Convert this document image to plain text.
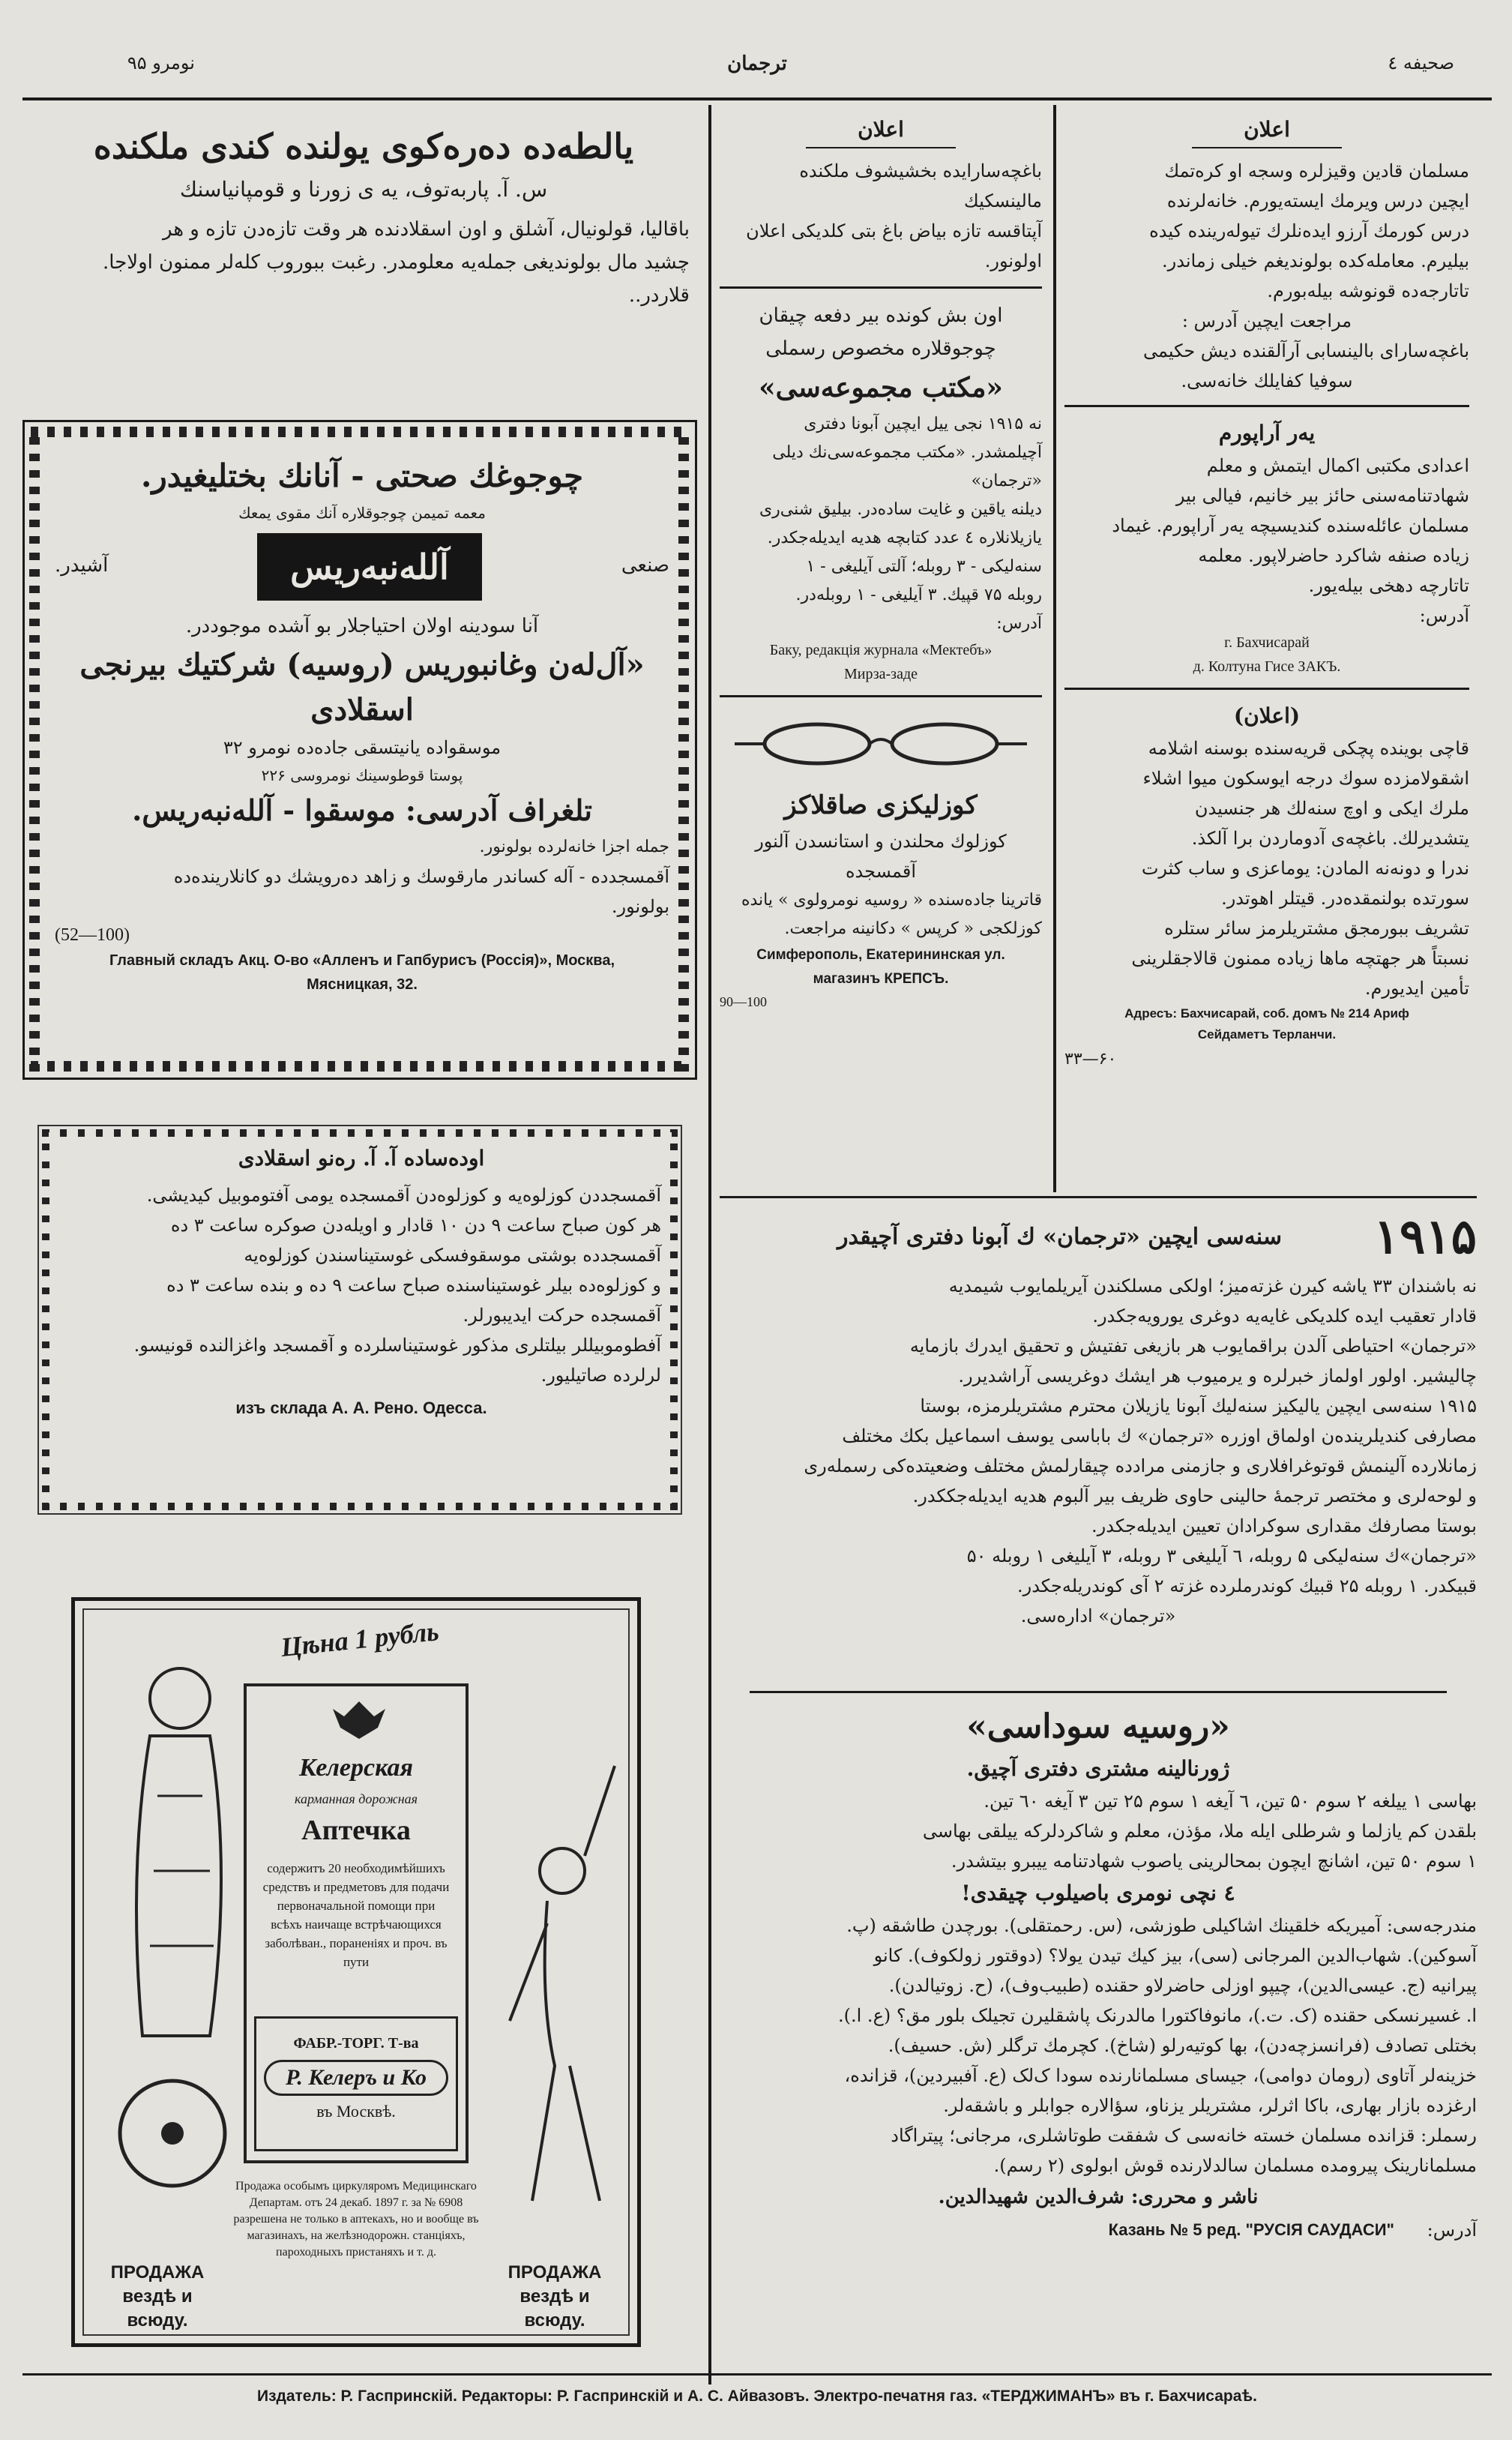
نومرو ۹۵	ترجمان	صحیفه ٤

یالطه‌ده دەره‌کوی یولنده کندی ملکنده

س. آ. پاربه‌توف، یه ی زورنا و قومپانیاسنك

باقالیا، قولونیال، آشلق و اون اسقلادنده هر وقت تازه‌دن تازه و هر

چشید مال بولوندیغی جمله‌یه معلومدر. رغبت ببوروب کله‌لر ممنون اولاجا.

قلاردر..

چوجوغك صحتی - آنانك بختلیغیدر.

معمه تمیمن چوجوقلاره آنك مقوی یمعك

صنعی
آلله‌نبه‌ریس
آشیدر.

آنا سودینه اولان احتیاجلار بو آشده موجوددر.

«آل‌له‌ن وغانبوریس (روسیه) شرکتیك بیرنجی

اسقلادی

موسقواده یانیتسقی جاده‌ده نومرو ۳۲

پوستا قوطوسینك نومروسی ۲۲۶

تلغراف آدرسی: موسقوا - آلله‌نبه‌ریس.

جمله اجزا خانه‌لرده بولونور.

آقمسجدده - آله کساندر مارقوسك و زاهد ده‌رویشك دو کانلارینده‌ده

بولونور.

(52—100)

Главный складъ Акц. О-во «Алленъ и Гапбурисъ (Россiя)», Москва,

Мясницкая, 32.

اوده‌ساده آ. آ. ره‌نو اسقلادی

آقمسجددن کوزلوه‌یه و کوزلوه‌دن آقمسجده یومی آفتوموبیل کیدیشی.

هر کون صباح ساعت ۹ دن ۱۰ قادار و اویله‌دن صوکره ساعت ۳ ده

آقمسجدده بوشتی موسقوفسکی غوستیناسندن کوزلوه‌یه

و کوزلوه‌ده بیلر غوستیناسنده صباح ساعت ۹ ده و بنده ساعت ۳ ده

آقمسجده حرکت ایدیبورلر.

آفطوموبیللر بیلتلری مذکور غوستیناسلرده و آقمسجد واغزالنده قونیسو.

لرلرده صاتیلیور.

изъ склада А. А. Рено. Одесса.

Цѣна 1 рубль

Келерская

карманная дорожная

Аптечка

содержитъ 20 необходимѣйшихъ средствъ и предметовъ для подачи первоначальной помощи при всѣхъ наичаще встрѣчающихся заболѣван., пораненіях и проч. въ пути

ФАБР.-ТОРГ. Т-ва

Р. Келеръ и Ко

въ Москвѣ.

Продажа особымъ циркуляромъ Медицинскаго Департам. отъ 24 декаб. 1897 г. за № 6908 разрешена не только в аптекахъ, но и вообще въ магазинахъ, на желѣзнодорожн. станціяхъ, пароходныхъ пристаняхъ и т. д.

ПРОДАЖА вездѣ и всюду.

ПРОДАЖА вездѣ и всюду.

اعلان

باغچه‌سارایده بخشیشوف ملکنده مالینسکیك

آپتاقسه تازه بیاض باغ بتی کلدیکی اعلان

اولونور.

اون بش کونده بیر دفعه چیقان

چوجوقلاره مخصوص رسملی

«مکتب مجموعه‌سی»

نه ۱۹۱۵ نجی ییل ایچین آبونا دفتری

آچیلمشدر. «مکتب مجموعه‌سی‌نك دیلی «ترجمان»

دیلنه یاقین و غایت سادەدر. بیلیق شنی‌ری

یازیلانلاره ٤ عدد کتابچه هدیه ایدیله‌جکدر.

سنه‌لیکی - ۳ روبله؛ آلتی آیلیغی - ۱

روبله ۷۵ قپیك. ۳ آیلیغی - ۱ روبله‌در.

آدرس:

Баку, редакція журнала «Мектебъ»

Мирза-заде

کوزلیکزی صاقلاکز

کوزلوك محلندن و استانسدن آلنور

آقمسجده

قاترینا جاده‌سنده « روسیه نومرولوی » یانده

کوزلکجی « کرپس » دکانینه مراجعت.

Симферополь, Екатерининская ул.

магазинъ КРЕПСЪ.

90—100

اعلان

مسلمان قادین وقیزلره وسجه او کرەتمك

ایچین درس ویرمك ایسته‌یورم. خانه‌لرنده

درس کورمك آرزو ایده‌نلرك تیوله‌رینده کیده

بیلیرم. معامله‌کده بولوندیغم خیلی زماندر.

تاتارجه‌ده قونوشه بیلەبورم.

مراجعت ایچین آدرس :

باغچه‌سارای بالینسابی آرآلقنده دیش حکیمی

سوفیا کفایلك خانەسی.

یەر آراپورم

اعدادی مکتبی اکمال ایتمش و معلم

شهادتنامه‌سنی حائز بیر خانیم، فیالی بیر

مسلمان عائله‌سنده کندیسیچه یەر آراپورم. غیماد

زیاده صنفه شاکرد حاضرلاپور. معلمه

تاتارچه دهخی بیله‌یور.

آدرس:

г. Бахчисарай

д. Колтуна Гисе ЗАКЪ.

(اعلان)

قاچی بوینده پچکی قریه‌سنده بوسنه اشلامه

اشقولامزده سوك درجه ایوسکون میوا اشلاء

ملرك ایکی و اوچ سنه‌لك هر جنسیدن

یتشدیرلك. باغچه‌ی آدوماردن برا آلکذ.

ندرا و دونه‌نه المادن: یوماعزی و ساب کثرت

سورتده بولنمقده‌در. قیتلر اهوتدر.

تشریف ببورمجق مشتریلرمز سائر ستلره

نسبتاً هر جهتچه ماها زیاده ممنون قالاجقلرینی

تأمین ایدیورم.

Адресъ: Бахчисарай, соб. домъ № 214 Ариф

Сейдаметъ Терланчи.

۶۰—۳۳

۱۹۱۵
سنه‌سی ایچین «ترجمان» ك آبونا دفتری آچیقدر

نه باشندان ۳۳ یاشه کیرن غزته‌میز؛ اولکی مسلکندن آیریلمایوب شیمدیه

قادار تعقیب ایده کلدیکی غایه‌یه دوغری یورویه‌جکدر.

«ترجمان» احتیاطی آلدن براقمایوب هر بازیغی تفتیش و تحقیق ایدرك بازمایه

چالیشیر. اولور اولماز خبرلره و یرمیوب هر ایشك دوغریسی آراشدیرر.

۱۹۱۵ سنه‌سی ایچین یالیکیز سنه‌لیك آبونا یازیلان محترم مشتریلرمزه، بوستا

مصارفی کندیلرینده‌ن اولماق اوزره «ترجمان» ك باباسی یوسف اسماعیل بکك مختلف

زمانلارده آلینمش قوتوغرافلاری و جازمنی مرادده چیقارلمش مختلف وضعیتده‌کی رسمله‌ری

و لوحه‌لری و مختصر ترجمهٔ حالینی حاوی ظریف بیر آلبوم هدیه ایدیله‌جککدر.

بوستا مصارفك مقداری سوکرادان تعیین ایدیله‌جکدر.

«ترجمان»ك سنه‌لیکی ۵ روبله، ٦ آیلیغی ۳ روبله، ۳ آیلیغی ۱ روبله ۵۰

قبیکدر. ۱ روبله ۲۵ قبیك کوندرملرده غزته ۲ آی کوندریله‌جکدر.

«ترجمان» اداره‌سی.

«روسیه سوداسی»

ژورنالینه مشتری دفتری آچیق.

بهاسی ۱ ییلغه ۲ سوم ۵۰ تین، ٦ آیغه ۱ سوم ۲۵ تین ۳ آیغه ٦۰ تین.

بلقدن کم یازلما و شرطلی ایله ملا، مؤذن، معلم و شاکردلرکه ییلقی بهاسی

۱ سوم ۵۰ تین، اشانچ ایچون بمحالرینی یاصوب شهادتنامه ییبرو بیتشدر.

٤ نچی نومری باصیلوب چیقدی!

مندرجه‌سی: آمیریکه خلقینك اشاکیلی طوزشی، (س. رحمتقلی). بورچدن طاشقه (پ.

آسوکین). شهاب‌الدین المرجانی (سی)، بیز کیك تیدن یولا؟ (دوقتور زولکوف). کانو

پیرانیه (ج. عیسی‌الدین)، چیپو اوزلی حاضرلاو حقنده (طبیب‌وف)، (ح. زوتیالدن).

ا. غسیرنسکی حقنده (ک. ت.)، مانوفاکتورا مالدرنک پاشقلیرن تجیلک بلور مق؟ (ع. ا.).

بختلی تصادف (فرانسزچه‌دن)، بها کوتیه‌رلو (شاخ). کچرمك ترگلر (ش. حسیف).

خزینه‌لر آتاوی (رومان دوامی)، جیسای مسلمانارنده سودا ک‌لک (ع. آفبیردین)، قزانده،

ارغزده بازار بهاری، باکا اثرلر، مشتریلر یزناو، سؤالاره جوابلر و باشقه‌لر.

رسملر: قزانده مسلمان خسته خانه‌سی ک شفقت طوتاشلری، مرجانی؛ پیتراگاد

مسلمانارینک پیرومده مسلمان سالدلارنده قوش ابولوی (۲ رسم).

ناشر و محرری: شرف‌الدین شهیدالدین.

آدرس:
Казань № 5 ред. "РУСІЯ САУДАСИ"
Издатель: Р. Гаспринскій. Редакторы: Р. Гаспринскій и А. С. Айвазовъ. Электро-печатня газ. «ТЕРДЖИМАНЪ» въ г. Бахчисараѣ.
